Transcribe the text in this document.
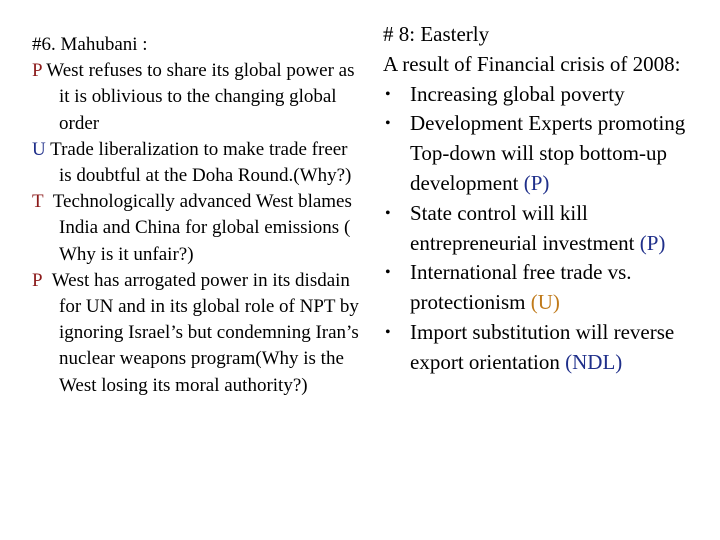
#6. Mahubani :

P West refuses to share its global power as it is oblivious to the changing global order

U Trade liberalization to make trade freer is doubtful at the Doha Round.(Why?)

T Technologically advanced West blames India and China for global emissions ( Why is it unfair?)

P West has arrogated power in its disdain for UN and in its global role of NPT by ignoring Israel’s but condemning Iran’s nuclear weapons program(Why is the West losing its moral authority?)

# 8: Easterly

A result of Financial crisis of 2008:

• Increasing global poverty
• Development Experts promoting Top-down will stop bottom-up development (P)
• State control will kill entrepreneurial investment (P)
• International free trade vs. protectionism (U)
• Import substitution will reverse export orientation (NDL)
